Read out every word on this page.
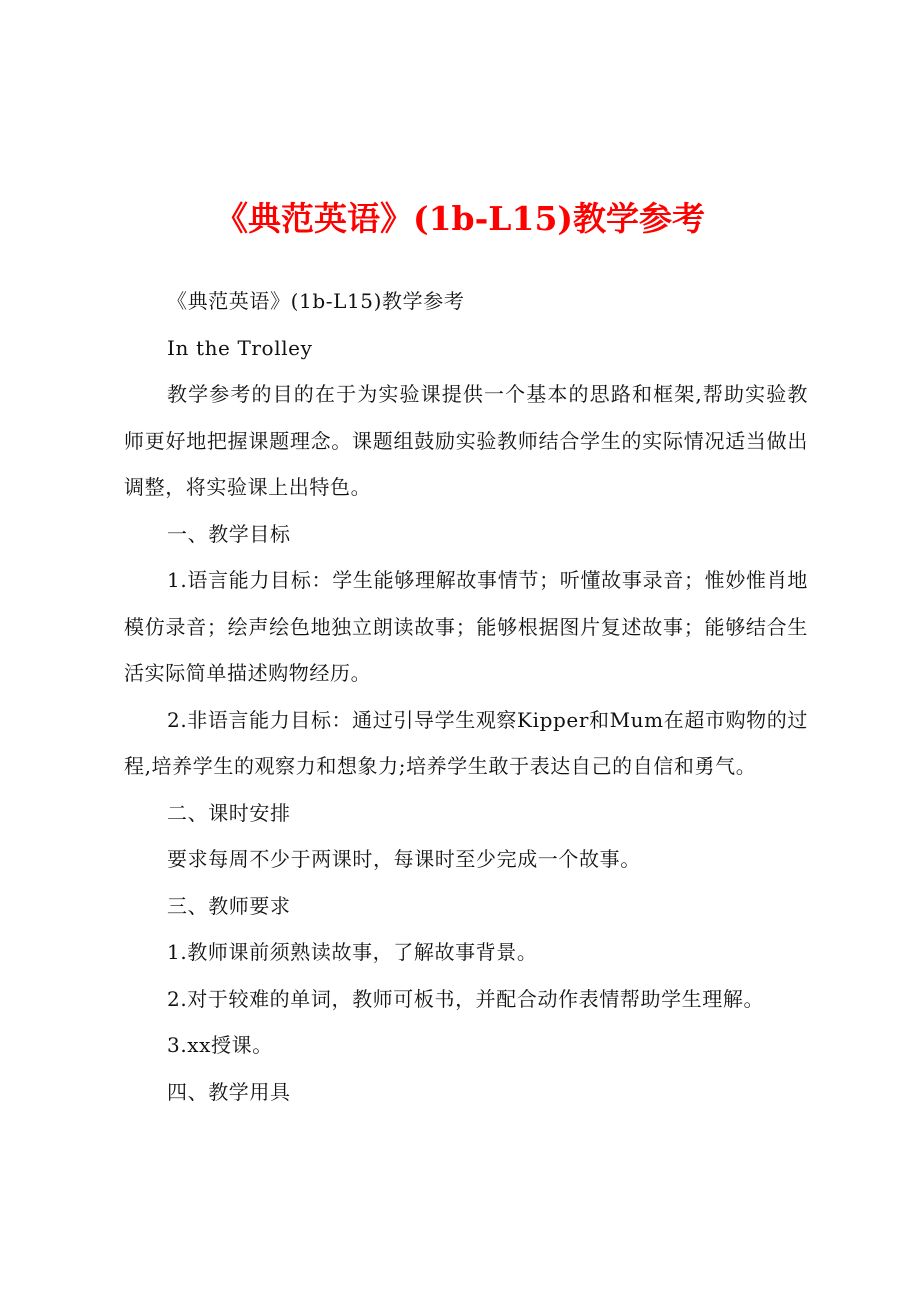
《典范英语》(1b-L15)教学参考

《典范英语》(1b-L15)教学参考

In the Trolley

教学参考的目的在于为实验课提供一个基本的思路和框架,帮助实验教师更好地把握课题理念。课题组鼓励实验教师结合学生的实际情况适当做出调整，将实验课上出特色。

一、教学目标

1.语言能力目标：学生能够理解故事情节；听懂故事录音；惟妙惟肖地模仿录音；绘声绘色地独立朗读故事；能够根据图片复述故事；能够结合生活实际简单描述购物经历。

2.非语言能力目标：通过引导学生观察Kipper和Mum在超市购物的过程,培养学生的观察力和想象力;培养学生敢于表达自己的自信和勇气。

二、课时安排

要求每周不少于两课时，每课时至少完成一个故事。

三、教师要求

1.教师课前须熟读故事，了解故事背景。

2.对于较难的单词，教师可板书，并配合动作表情帮助学生理解。

3.xx授课。

四、教学用具
